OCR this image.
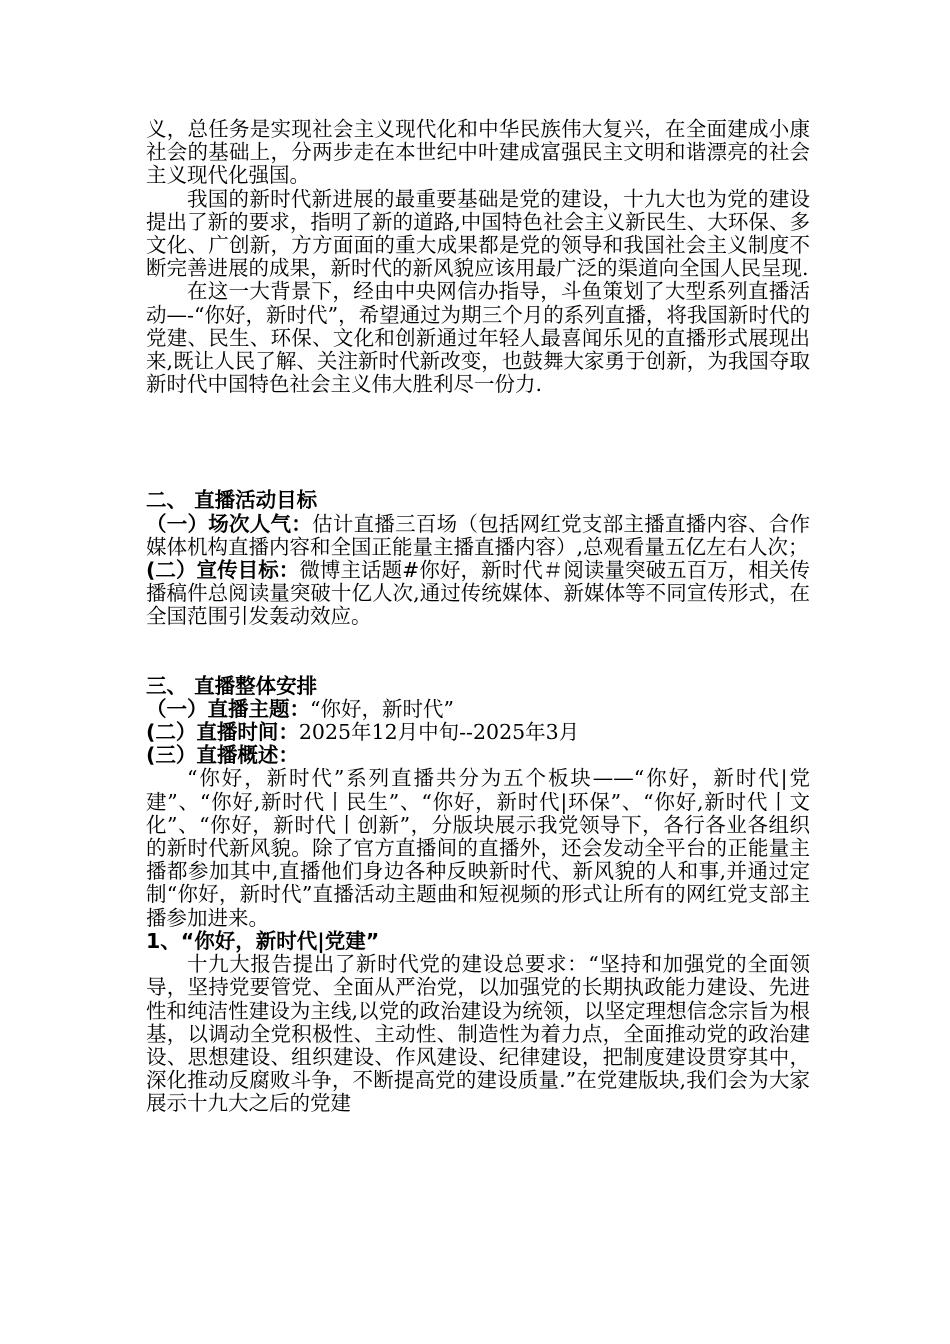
义，总任务是实现社会主义现代化和中华民族伟大复兴，在全面建成小康社会的基础上，分两步走在本世纪中叶建成富强民主文明和谐漂亮的社会主义现代化强国。

我国的新时代新进展的最重要基础是党的建设，十九大也为党的建设提出了新的要求，指明了新的道路,中国特色社会主义新民生、大环保、多文化、广创新，方方面面的重大成果都是党的领导和我国社会主义制度不断完善进展的成果，新时代的新风貌应该用最广泛的渠道向全国人民呈现.

在这一大背景下，经由中央网信办指导，斗鱼策划了大型系列直播活动—-“你好，新时代”，希望通过为期三个月的系列直播，将我国新时代的党建、民生、环保、文化和创新通过年轻人最喜闻乐见的直播形式展现出来,既让人民了解、关注新时代新改变，也鼓舞大家勇于创新，为我国夺取新时代中国特色社会主义伟大胜利尽一份力.

二、 直播活动目标

（一）场次人气：估计直播三百场（包括网红党支部主播直播内容、合作媒体机构直播内容和全国正能量主播直播内容）,总观看量五亿左右人次；

(二）宣传目标：微博主话题#你好，新时代＃阅读量突破五百万，相关传播稿件总阅读量突破十亿人次,通过传统媒体、新媒体等不同宣传形式，在全国范围引发轰动效应。

三、 直播整体安排

（一）直播主题：“你好，新时代”

(二）直播时间：2025年12月中旬--2025年3月

(三）直播概述：

“你好，新时代”系列直播共分为五个板块——“你好，新时代|党建”、“你好,新时代丨民生”、“你好，新时代|环保”、“你好,新时代丨文化”、“你好，新时代丨创新”，分版块展示我党领导下，各行各业各组织的新时代新风貌。除了官方直播间的直播外，还会发动全平台的正能量主播都参加其中,直播他们身边各种反映新时代、新风貌的人和事,并通过定制“你好，新时代”直播活动主题曲和短视频的形式让所有的网红党支部主播参加进来。

1、“你好，新时代|党建”

十九大报告提出了新时代党的建设总要求：“坚持和加强党的全面领导，坚持党要管党、全面从严治党，以加强党的长期执政能力建设、先进性和纯洁性建设为主线,以党的政治建设为统领，以坚定理想信念宗旨为根基，以调动全党积极性、主动性、制造性为着力点，全面推动党的政治建设、思想建设、组织建设、作风建设、纪律建设，把制度建设贯穿其中，深化推动反腐败斗争，不断提高党的建设质量.”在党建版块,我们会为大家展示十九大之后的党建
